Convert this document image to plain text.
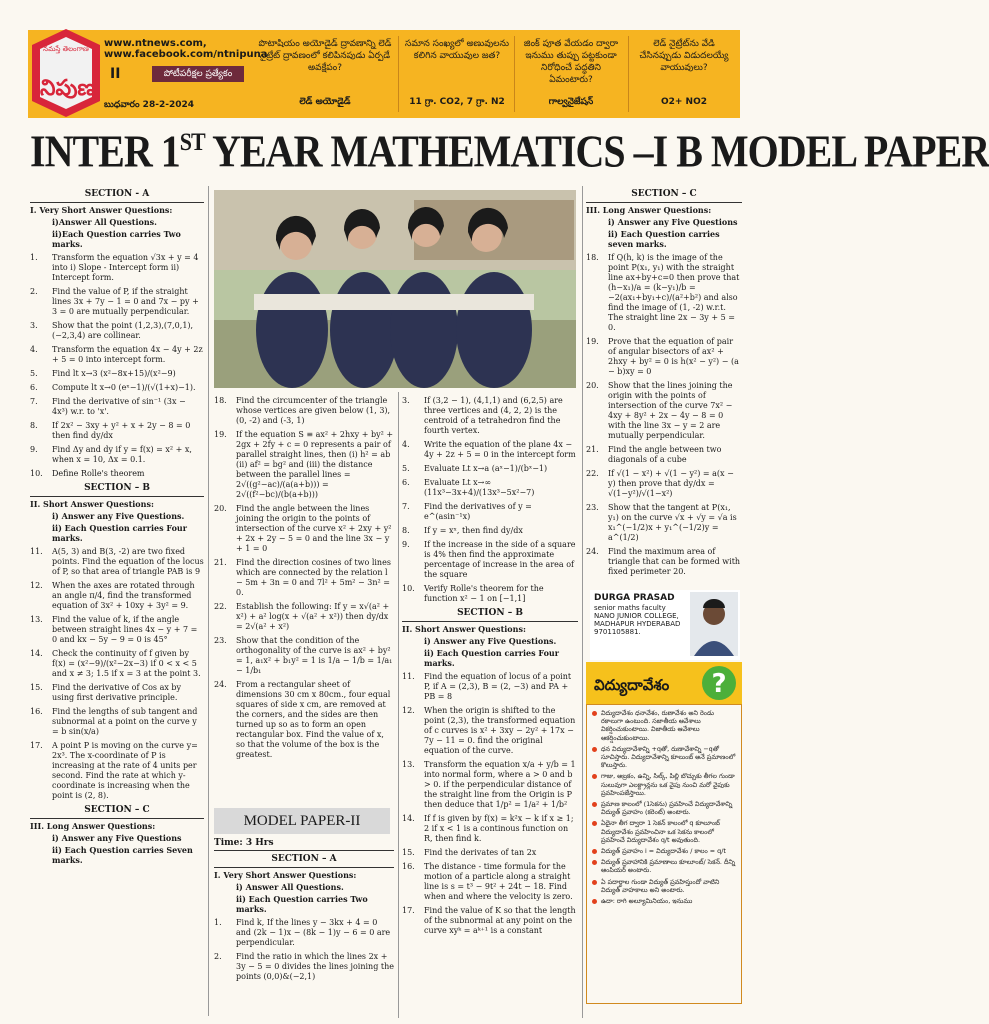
నమస్తే తెలంగాణ www.ntnews.com,
www.facebook.com/ntnipuna
నిపుణ
II	పోటీపరీక్షల ప్రత్యేకం
బుధవారం 28-2-2024
పొటాషియం అయోడైడ్ ద్రావణాన్ని లెడ్ నైట్రేట్ ద్రావణంలో కలిపినపుడు ఏర్పడే అవక్షేపం?
లెడ్ అయోడైడ్
సమాన సంఖ్యలో అణువులను కలిగిన వాయువుల జత?
11 గ్రా. CO2, 7 గ్రా. N2
జింక్ పూత వేయడం ద్వారా ఇనుము తుప్పు పట్టకుండా నిరోధించే పద్ధతిని ఏమంటారు?
గాల్వనైజేషన్
లెడ్ నైట్రేట్‌ను వేడి చేసినప్పుడు విడుదలయ్యే వాయువులు?
O2+ NO2
INTER 1ST YEAR MATHEMATICS –I B MODEL PAPER
SECTION - A
I. Very Short Answer Questions:
i)Answer All Questions.
ii)Each Question carries Two marks.
1. Transform the equation √3x + y = 4 into i) Slope - Intercept form ii) Intercept form.
2. Find the value of P, if the straight lines 3x + 7y − 1 = 0 and 7x − py + 3 = 0 are mutually perpendicular.
3. Show that the point (1,2,3),(7,0,1),(−2,3,4) are collinear.
4. Transform the equation 4x − 4y + 2z + 5 = 0 into intercept form.
5. Find lt x→3 (x²−8x+15)/(x²−9)
6. Compute lt x→0 (eˣ−1)/(√(1+x)−1).
7. Find the derivative of sin⁻¹ (3x − 4x³) w.r. to 'x'.
8. If 2x² − 3xy + y² + x + 2y − 8 = 0 then find dy/dx
9. Find Δy and dy if y = f(x) = x² + x, when x = 10, Δx = 0.1.
10. Define Rolle's theorem
SECTION – B
II. Short Answer Questions:
i) Answer any Five Questions.
ii) Each Question carries Four marks.
11. A(5, 3) and B(3, -2) are two fixed points. Find the equation of the locus of P, so that area of triangle PAB is 9
12. When the axes are rotated through an angle π/4, find the transformed equation of 3x² + 10xy + 3y² = 9.
13. Find the value of k, if the angle between straight lines 4x − y + 7 = 0 and kx − 5y − 9 = 0 is 45°
14. Check the continuity of f given by f(x) = (x²−9)/(x²−2x−3) if 0 < x < 5 and x ≠ 3; 1.5 if x = 3 at the point 3.
15. Find the derivative of Cos ax by using first derivative principle.
16. Find the lengths of sub tangent and subnormal at a point on the curve y = b sin(x/a)
17. A point P is moving on the curve y= 2x³. The x-coordinate of P is increasing at the rate of 4 units per second. Find the rate at which y-coordinate is increasing when the point is (2, 8).
SECTION – C
III. Long Answer Questions:
i) Answer any Five Questions
ii) Each Question carries Seven marks.
18. Find the circumcenter of the triangle whose vertices are given below (1, 3), (0, -2) and (-3, 1)
19. If the equation S ≡ ax² + 2hxy + by² + 2gx + 2fy + c = 0 represents a pair of parallel straight lines, then (i) h² = ab (ii) af² = bg² and (iii) the distance between the parallel lines = 2√((g²−ac)/(a(a+b))) = 2√((f²−bc)/(b(a+b)))
20. Find the angle between the lines joining the origin to the points of intersection of the curve x² + 2xy + y² + 2x + 2y − 5 = 0 and the line 3x − y + 1 = 0
21. Find the direction cosines of two lines which are connected by the relation l − 5m + 3n = 0 and 7l² + 5m² − 3n² = 0.
22. Establish the following: If y = x√(a² + x²) + a² log(x + √(a² + x²)) then dy/dx = 2√(a² + x²)
23. Show that the condition of the orthogonality of the curve is ax² + by² = 1, a₁x² + b₁y² = 1 is 1/a − 1/b = 1/a₁ − 1/b₁
24. From a rectangular sheet of dimensions 30 cm x 80cm., four equal squares of side x cm, are removed at the corners, and the sides are then turned up so as to form an open rectangular box. Find the value of x, so that the volume of the box is the greatest.
MODEL PAPER-II
Time: 3 Hrs
SECTION – A
I. Very Short Answer Questions:
i) Answer All Questions.
ii) Each Question carries Two marks.
1. Find k, If the lines y − 3kx + 4 = 0 and (2k − 1)x − (8k − 1)y − 6 = 0 are perpendicular.
2. Find the ratio in which the lines 2x + 3y − 5 = 0 divides the lines joining the points (0,0)&(−2,1)
3. If (3,2 − 1), (4,1,1) and (6,2,5) are three vertices and (4, 2, 2) is the centroid of a tetrahedron find the fourth vertex.
4. Write the equation of the plane 4x − 4y + 2z + 5 = 0 in the intercept form
5. Evaluate Lt x→a (aˣ−1)/(bˣ−1)
6. Evaluate Lt x→∞ (11x³−3x+4)/(13x³−5x²−7)
7. Find the derivatives of y = e^(asin⁻¹x)
8. If y = xˣ, then find dy/dx
9. If the increase in the side of a square is 4% then find the approximate percentage of increase in the area of the square
10. Verify Rolle's theorem for the function x² − 1 on [−1,1]
SECTION – B
II. Short Answer Questions:
i) Answer any Five Questions.
ii) Each Question carries Four marks.
11. Find the equation of locus of a point P, if A = (2,3), B = (2, −3) and PA + PB = 8
12. When the origin is shifted to the point (2,3), the transformed equation of c curves is x² + 3xy − 2y² + 17x − 7y − 11 = 0. find the original equation of the curve.
13. Transform the equation x/a + y/b = 1 into normal form, where a > 0 and b > 0. if the perpendicular distance of the straight line from the Origin is P then deduce that 1/p² = 1/a² + 1/b²
14. If f is given by f(x) = k²x − k if x ≥ 1; 2 if x < 1 is a continous function on R, then find k.
15. Find the derivates of tan 2x
16. The distance - time formula for the motion of a particle along a straight line is s = t³ − 9t² + 24t − 18. Find when and where the velocity is zero.
17. Find the value of K so that the length of the subnormal at any point on the curve xyᵏ = aᵏ⁺¹ is a constant
SECTION – C
III. Long Answer Questions:
i) Answer any Five Questions
ii) Each Question carries seven marks.
18. If Q(h, k) is the image of the point P(x₁, y₁) with the straight line ax+by+c=0 then prove that (h−x₁)/a = (k−y₁)/b = −2(ax₁+by₁+c)/(a²+b²) and also find the image of (1, -2) w.r.t. The straight line 2x − 3y + 5 = 0.
19. Prove that the equation of pair of angular bisectors of ax² + 2hxy + by² = 0 is h(x² − y²) − (a − b)xy = 0
20. Show that the lines joining the origin with the points of intersection of the curve 7x² − 4xy + 8y² + 2x − 4y − 8 = 0 with the line 3x − y = 2 are mutually perpendicular.
21. Find the angle between two diagonals of a cube
22. If √(1 − x²) + √(1 − y²) = a(x − y) then prove that dy/dx = √(1−y²)/√(1−x²)
23. Show that the tangent at P(x₁, y₁) on the curve √x + √y = √a is x₁^(−1/2)x + y₁^(−1/2)y = a^(1/2)
24. Find the maximum area of triangle that can be formed with fixed perimeter 20.
DURGA PRASAD
senior maths faculty
NANO JUNIOR COLLEGE, MADHAPUR HYDERABAD
9701105881.
విద్యుదావేశం ?
విద్యుదావేశం ధనావేశం, రుణావేశం అని రెండు రకాలుగా ఉంటుంది. సజాతీయ ఆవేశాలు వికర్షించుకుంటాయి. విజాతీయ ఆవేశాలు ఆకర్షించుకుంటాయి.
ధన విద్యుదావేశాన్ని +qతో, రుణావేశాన్ని −qతో సూచిస్తారు. విద్యుదావేశాన్ని కూలుంబ్‌ అనే ప్రమాణంలో కొలుస్తారు.
గాజు, అబ్రకం, ఉన్ని, సిల్క్, పిల్లి బొచ్చుకు తీగల గుండా సులువుగా ఎలక్ట్రాన్లను ఒక వైపు నుంచి మరో వైపుకు ప్రవహింపజేస్తాయి.
ప్రమాణ కాలంలో (1సెకను) ప్రవహించే విద్యుదావేశాన్ని విద్యుత్‌ ప్రవాహం (కరెంట్‌) అంటారు.
ఏదైనా తీగ ద్వారా 1 సెకన్‌ కాలంలో q కూలూంబ్ విద్యుదావేశం ప్రవహించినా ఒక సెకను కాలంలో ప్రవహించే విద్యుదావేశం q/t అవుతుంది.
విద్యుత్‌ ప్రవాహం i = విద్యుదావేశం / కాలం = q/t
విద్యుత్‌ ప్రవాహానికి ప్రమాణాలు కూలూంబ్‌/ సెకన్. దీన్ని ఆంపియర్‌ అంటారు.
ఏ పదార్థాల గుండా విద్యుత్‌ ప్రవహిస్తుందో వాటిని విద్యుత్‌ వాహకాలు అని అంటారు.
ఉదా: రాగి అల్యూమినియం, ఇనుము
